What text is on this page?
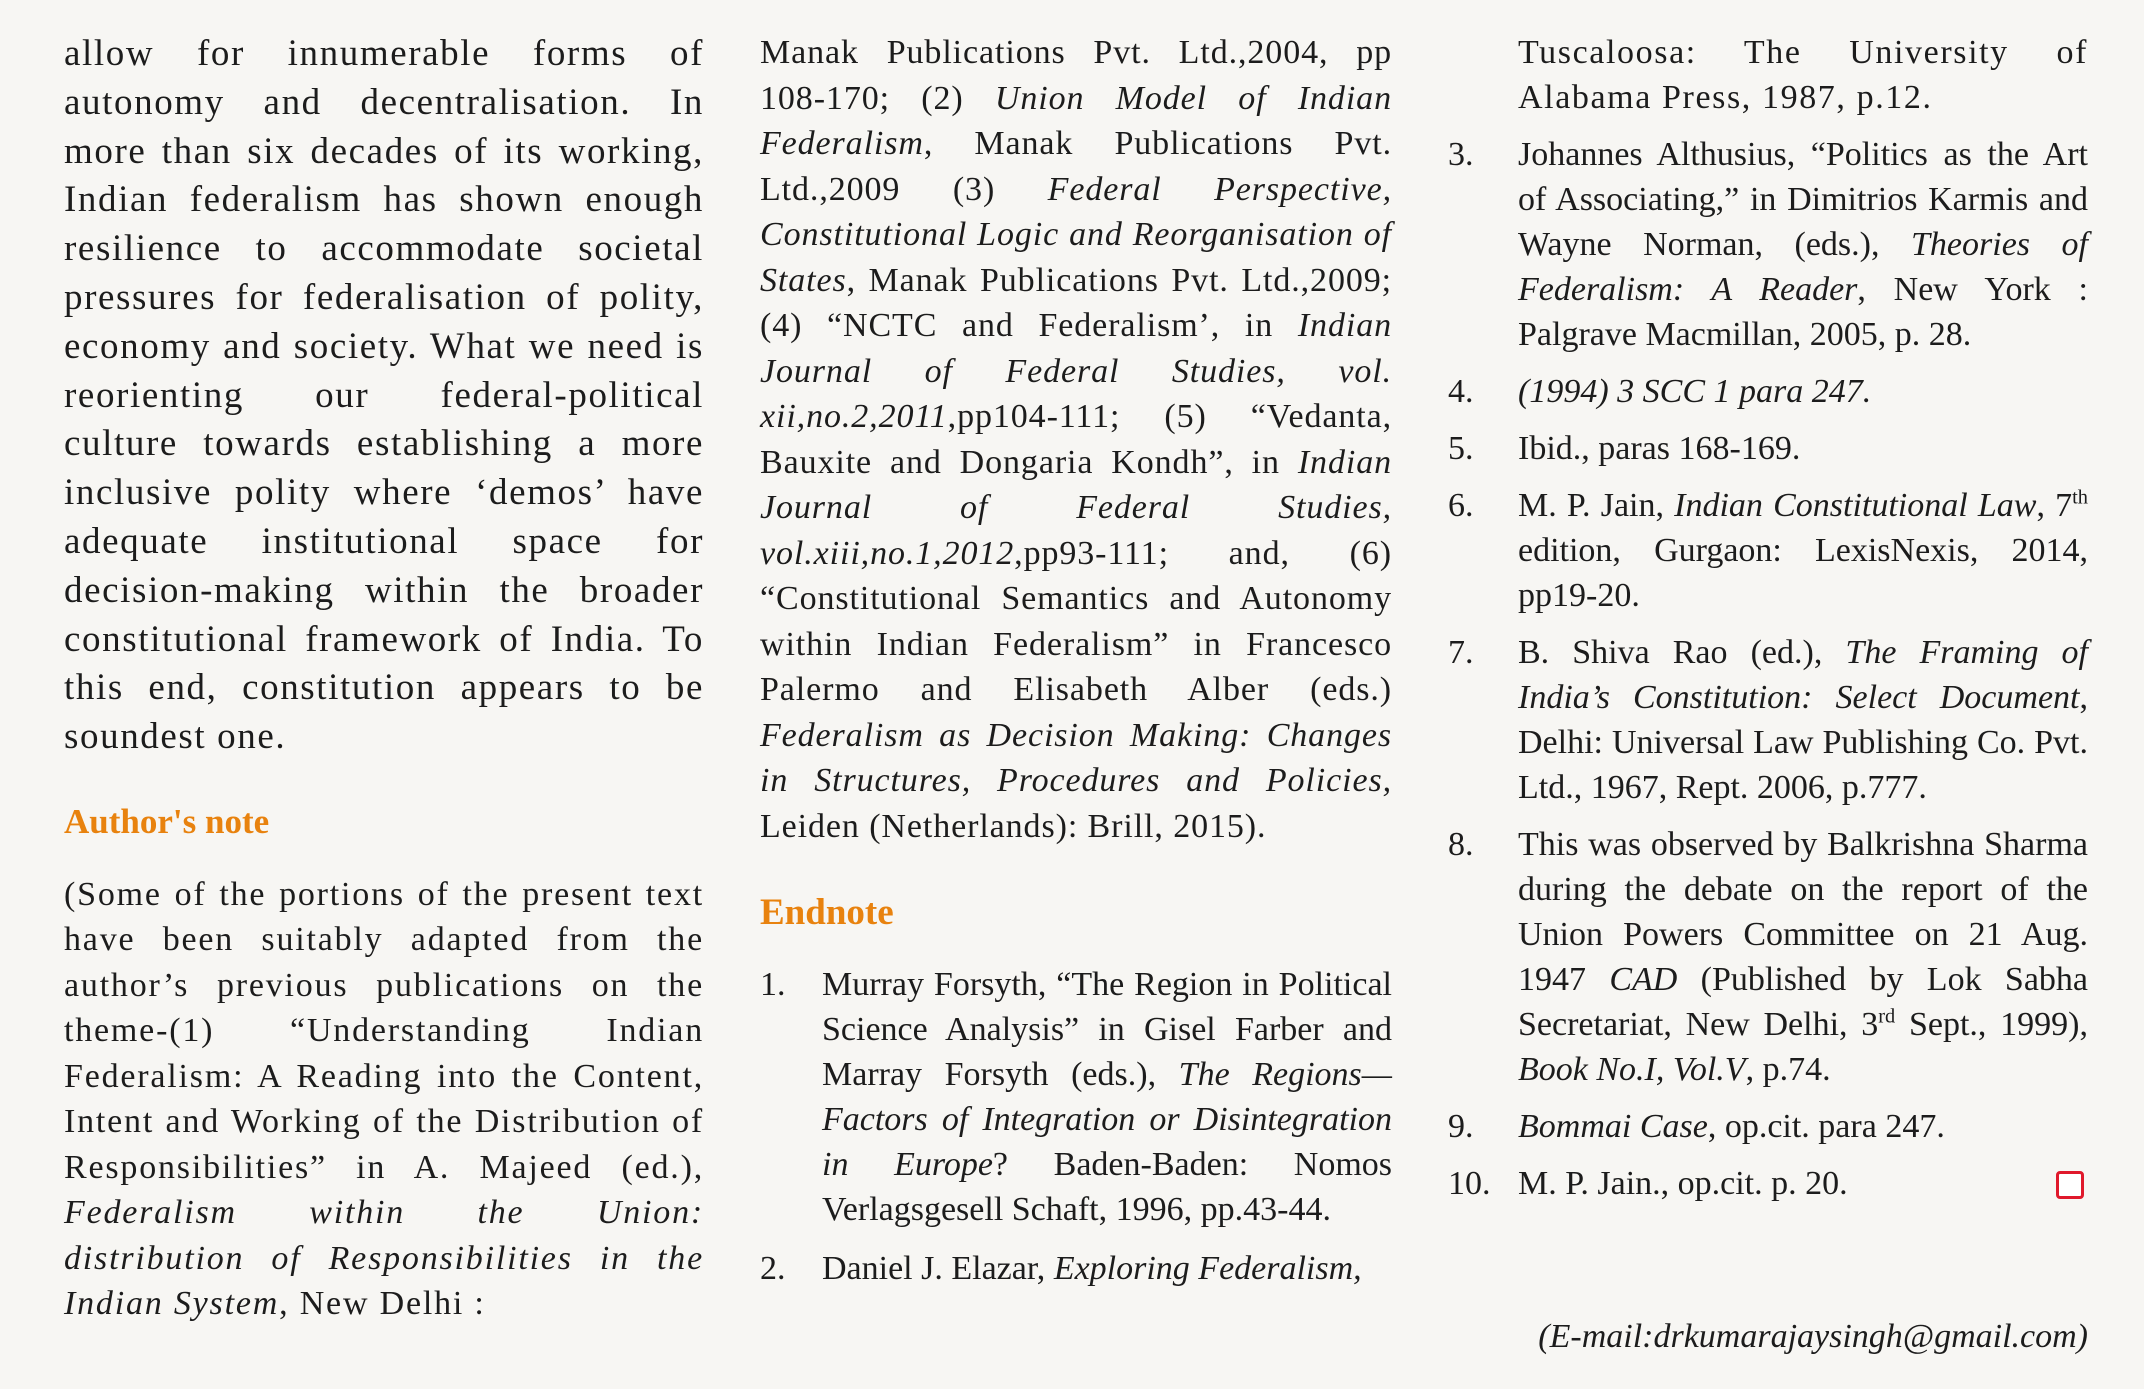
allow for innumerable forms of autonomy and decentralisation. In more than six decades of its working, Indian federalism has shown enough resilience to accommodate societal pressures for federalisation of polity, economy and society. What we need is reorienting our federal-political culture towards establishing a more inclusive polity where ‘demos’ have adequate institutional space for decision-making within the broader constitutional framework of India. To this end, constitution appears to be soundest one.

Author's note

(Some of the portions of the present text have been suitably adapted from the author’s previous publications on the theme-(1) “Understanding Indian Federalism: A Reading into the Content, Intent and Working of the Distribution of Responsibilities” in A. Majeed (ed.), Federalism within the Union: distribution of Responsibilities in the Indian System, New Delhi :

Manak Publications Pvt. Ltd.,2004, pp 108-170; (2) Union Model of Indian Federalism, Manak Publications Pvt. Ltd.,2009 (3) Federal Perspective, Constitutional Logic and Reorganisation of States, Manak Publications Pvt. Ltd.,2009; (4) “NCTC and Federalism’, in Indian Journal of Federal Studies, vol. xii,no.2,2011,pp104-111; (5) “Vedanta, Bauxite and Dongaria Kondh”, in Indian Journal of Federal Studies, vol.xiii,no.1,2012,pp93-111; and, (6) “Constitutional Semantics and Autonomy within Indian Federalism” in Francesco Palermo and Elisabeth Alber (eds.) Federalism as Decision Making: Changes in Structures, Procedures and Policies, Leiden (Netherlands): Brill, 2015).

Endnote
1.	Murray Forsyth, “The Region in Political Science Analysis” in Gisel Farber and Marray Forsyth (eds.), The Regions—Factors of Integration or Disintegration in Europe? Baden-Baden: Nomos Verlagsgesell Schaft, 1996, pp.43-44.
2.	Daniel J. Elazar, Exploring Federalism,

Tuscaloosa: The University of Alabama Press, 1987, p.12.

3.	Johannes Althusius, “Politics as the Art of Associating,” in Dimitrios Karmis and Wayne Norman, (eds.), Theories of Federalism: A Reader, New York : Palgrave Macmillan, 2005, p. 28.
4.	(1994) 3 SCC 1 para 247.
5.	Ibid., paras 168-169.
6.	M. P. Jain, Indian Constitutional Law, 7th edition, Gurgaon: LexisNexis, 2014, pp19-20.
7.	B. Shiva Rao (ed.), The Framing of India’s Constitution: Select Document, Delhi: Universal Law Publishing Co. Pvt. Ltd., 1967, Rept. 2006, p.777.
8.	This was observed by Balkrishna Sharma during the debate on the report of the Union Powers Committee on 21 Aug. 1947 CAD (Published by Lok Sabha Secretariat, New Delhi, 3rd Sept., 1999), Book No.I, Vol.V, p.74.
9.	Bommai Case, op.cit. para 247.
10. M. P. Jain., op.cit. p. 20.
(E-mail:drkumarajaysingh@gmail.com)
